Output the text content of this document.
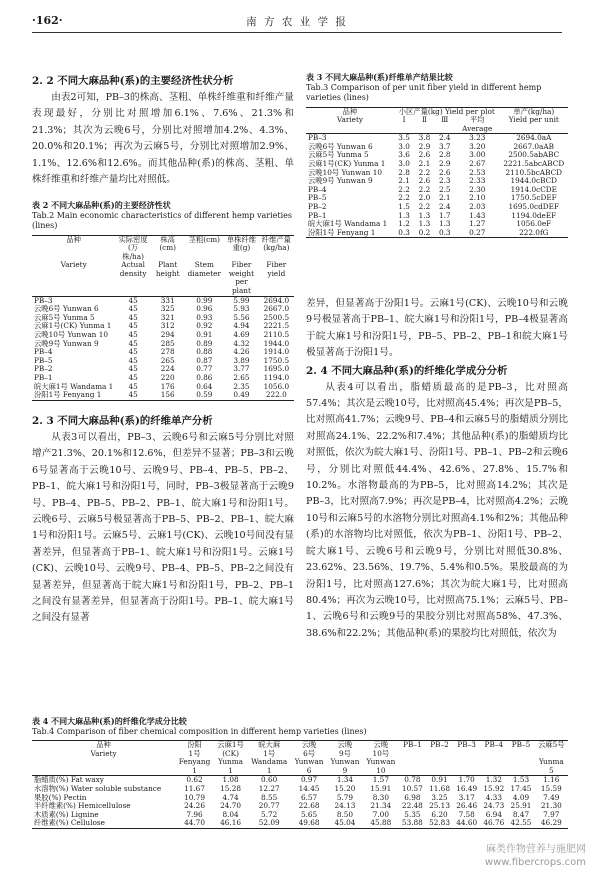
·162·	南 方 农 业 学 报
2. 2 不同大麻品种(系)的主要经济性状分析

由表2可知，PB–3的株高、茎粗、单株纤维重和纤维产量表现最好，分别比对照增加6.1%、7.6%、21.3%和21.3%；其次为云晚6号，分别比对照增加4.2%、4.3%、20.0%和20.1%；再次为云麻5号，分别比对照增加2.9%、1.1%、12.6%和12.6%。而其他品种(系)的株高、茎粗、单株纤维重和纤维产量均比对照低。

表 2 不同大麻品种(系)的主要经济性状
Tab.2 Main economic characteristics of different hemp varieties (lines)
品种	实际密度(万株/ha)	株高(cm)	茎粗(cm)	单株纤维重(g)	纤维产量(kg/ha)
Variety	Actual density	Plant height	Stem diameter	Fiber weight per plant	Fiber yield
PB–3	45	331	0.99	5.99	2694.0
云晚6号 Yunwan 6	45	325	0.96	5.93	2667.0
云麻5号 Yunma 5	45	321	0.93	5.56	2500.5
云麻1号(CK) Yunma 1	45	312	0.92	4.94	2221.5
云晚10号 Yunwan 10	45	294	0.91	4.69	2110.5
云晚9号 Yunwan 9	45	285	0.89	4.32	1944.0
PB–4	45	278	0.88	4.26	1914.0
PB–5	45	265	0.87	3.89	1750.5
PB–2	45	224	0.77	3.77	1695.0
PB–1	45	220	0.86	2.65	1194.0
皖大麻1号 Wandama 1	45	176	0.64	2.35	1056.0
汾阳1号 Fenyang 1	45	156	0.59	0.49	222.0
2. 3 不同大麻品种(系)的纤维单产分析

从表3可以看出，PB–3、云晚6号和云麻5号分别比对照增产21.3%、20.1%和12.6%，但差异不显著；PB–3和云晚6号显著高于云晚10号、云晚9号、PB–4、PB–5、PB–2、PB–1、皖大麻1号和汾阳1号，同时，PB–3极显著高于云晚9号、PB–4、PB–5、PB–2、PB–1、皖大麻1号和汾阳1号。云晚6号、云麻5号极显著高于PB–5、PB–2、PB–1、皖大麻1号和汾阳1号。云麻5号、云麻1号(CK)、云晚10号间没有显著差异，但显著高于PB–1、皖大麻1号和汾阳1号。云麻1号(CK)、云晚10号、云晚9号、PB–4、PB–5、PB–2之间没有显著差异，但显著高于皖大麻1号和汾阳1号，PB–2、PB–1之间没有显著差异，但显著高于汾阳1号。PB–1、皖大麻1号之间没有显著

表 3 不同大麻品种(系)纤维单产结果比较
Tab.3 Comparison of per unit fiber yield in different hemp varieties (lines)
品种	小区产量(kg) Yield per plot				单产(kg/ha)
Variety	Ⅰ	Ⅱ	Ⅲ	平均	Yield per unit
				Average	
PB–3	3.5	3.8	2.4	3.23	2694.0aA
云晚6号 Yunwan 6	3.0	2.9	3.7	3.20	2667.0aAB
云麻5号 Yunma 5	3.6	2.6	2.8	3.00	2500.5abABC
云麻1号(CK) Yunma 1	3.0	2.1	2.9	2.67	2221.5abcABCD
云晚10号 Yunwan 10	2.8	2.2	2.6	2.53	2110.5bcABCD
云晚9号 Yunwan 9	2.1	2.6	2.3	2.33	1944.0cBCD
PB–4	2.2	2.2	2.5	2.30	1914.0cCDE
PB–5	2.2	2.0	2.1	2.10	1750.5cDEF
PB–2	1.5	2.2	2.4	2.03	1695.0cdDEF
PB–1	1.3	1.3	1.7	1.43	1194.0deEF
皖大麻1号 Wandama 1	1.2	1.3	1.3	1.27	1056.0eF
汾阳1号 Fenyang 1	0.3	0.2	0.3	0.27	222.0fG

差异，但显著高于汾阳1号。云麻1号(CK)、云晚10号和云晚9号极显著高于PB–1、皖大麻1号和汾阳1号，PB–4极显著高于皖大麻1号和汾阳1号，PB–5、PB–2、PB–1和皖大麻1号极显著高于汾阳1号。

2. 4 不同大麻品种(系)的纤维化学成分分析

从表4可以看出，脂蜡质最高的是PB–3，比对照高57.4%；其次是云晚10号，比对照高45.4%；再次是PB–5，比对照高41.7%；云晚9号、PB–4和云麻5号的脂蜡质分别比对照高24.1%、22.2%和7.4%；其他品种(系)的脂蜡质均比对照低，依次为皖大麻1号、汾阳1号、PB–1、PB–2和云晚6号，分别比对照低44.4%、42.6%、27.8%、15.7%和10.2%。水溶物最高的为PB–5，比对照高14.2%；其次是PB–3，比对照高7.9%；再次是PB–4，比对照高4.2%；云晚10号和云麻5号的水溶物分别比对照高4.1%和2%；其他品种(系)的水溶物均比对照低，依次为PB–1、汾阳1号、PB–2、皖大麻1号、云晚6号和云晚9号，分别比对照低30.8%、23.62%、23.56%、19.7%、5.4%和0.5%。果胶最高的为汾阳1号，比对照高127.6%；其次为皖大麻1号，比对照高80.4%；再次为云晚10号，比对照高75.1%；云麻5号、PB–1、云晚6号和云晚9号的果胶分别比对照高58%、47.3%、38.6%和22.2%；其他品种(系)的果胶均比对照低，依次为

表 4 不同大麻品种(系)的纤维化学成分比较
Tab.4 Comparison of fiber chemical composition in different hemp varieties (lines)
品种	汾阳	云麻1号	皖大麻	云晚	云晚	云晚	PB–1	PB–2	PB–3	PB–4	PB–5	云麻5号
Variety	1号	(CK)	1号	6号	9号	10号						
	Fenyang	Yunma	Wandama	Yunwan	Yunwan	Yunwan						Yunma
	1	1	1	6	9	10						5
脂蜡质(%) Fat waxy	0.62	1.08	0.60	0.97	1.34	1.57	0.78	0.91	1.70	1.32	1.53	1.16
水溶物(%) Water soluble substance	11.67	15.28	12.27	14.45	15.20	15.91	10.57	11.68	16.49	15.92	17.45	15.59
果胶(%) Pectin	10.79	4.74	8.55	6.57	5.79	8.30	6.98	3.25	3.17	4.33	4.09	7.49
半纤维素(%) Hemicellulose	24.26	24.70	20.77	22.68	24.13	21.34	22.48	25.13	26.46	24.73	25.91	21.30
木质素(%) Lignine	7.96	8.04	5.72	5.65	8.50	7.00	5.35	6.20	7.58	6.94	8.47	7.97
纤维素(%) Cellulose	44.70	46.16	52.09	49.68	45.04	45.88	53.88	52.83	44.60	46.76	42.55	46.29
麻类作物营养与施肥网
www.fibercrops.com
